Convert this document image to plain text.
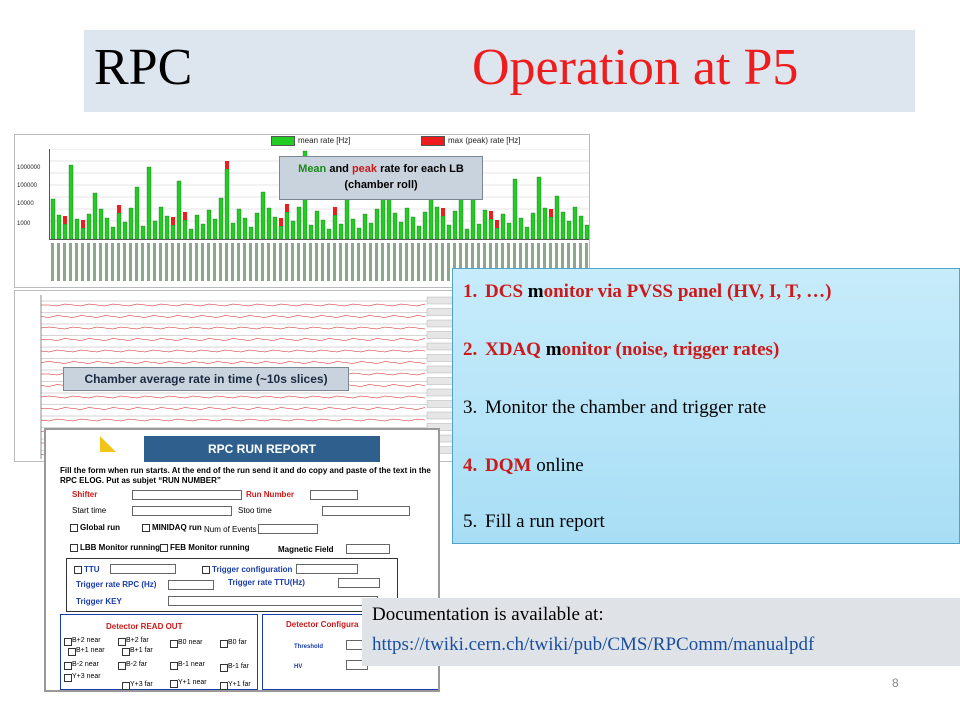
RPC	Operation at P5
mean rate [Hz]	max (peak) rate [Hz]
1000000
100000
10000
1000
Mean and peak rate for each LB
(chamber roll)
Chamber average rate in time (~10s slices)
RPC RUN REPORT
Fill the form when run starts. At the end of the run send it and do copy and paste of the text in the
RPC ELOG. Put as subjet “RUN NUMBER”
Shifter	Run Number
Start time	Stoo time
Global run	MINIDAQ run Num of Events
LBB Monitor running FEB Monitor running	Magnetic Field
TTU	Trigger configuration
Trigger rate RPC (Hz)	Trigger rate TTU(Hz)
Trigger KEY
Detector READ OUT	Detector Configura
Threshold
HV
B+2 near	B+2 far	B0 near	B0 far
B+1 near	B+1 far
B-2 near	B-2 far	B-1 near	B-1 far
Y+3 near
Y+3 far	Y+1 near	Y+1 far
1. DCS monitor via PVSS panel (HV, I, T, …)
2. XDAQ monitor (noise, trigger rates)
3. Monitor the chamber and trigger rate
4. DQM online
5. Fill a run report
Documentation is available at:
https://twiki.cern.ch/twiki/pub/CMS/RPComm/manualpdf
8
